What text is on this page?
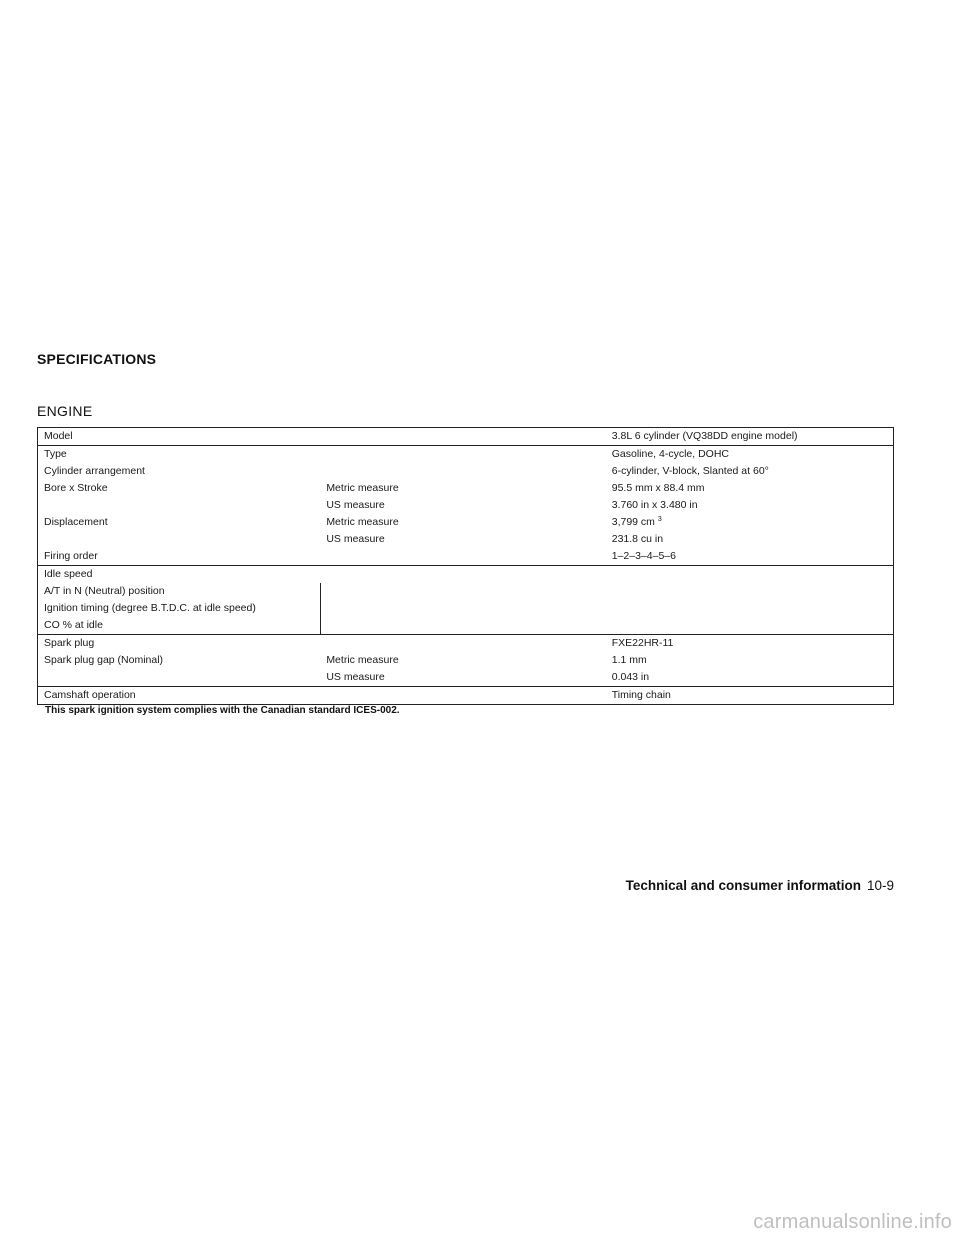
SPECIFICATIONS
ENGINE
Model		3.8L 6 cylinder (VQ38DD engine model)
Type		Gasoline, 4-cycle, DOHC
Cylinder arrangement		6-cylinder, V-block, Slanted at 60°
Bore x Stroke	Metric measure	95.5 mm x 88.4 mm
	US measure	3.760 in x 3.480 in
Displacement	Metric measure	3,799 cm $^3$
	US measure	231.8 cu in
Firing order		1–2–3–4–5–6
Idle speed		
A/T in N (Neutral) position		
Ignition timing (degree B.T.D.C. at idle speed)		
CO % at idle		
Spark plug		FXE22HR-11
Spark plug gap (Nominal)	Metric measure	1.1 mm
	US measure	0.043 in
Camshaft operation		Timing chain
This spark ignition system complies with the Canadian standard ICES-002.
Technical and consumer information 10-9
carmanualsonline.info
